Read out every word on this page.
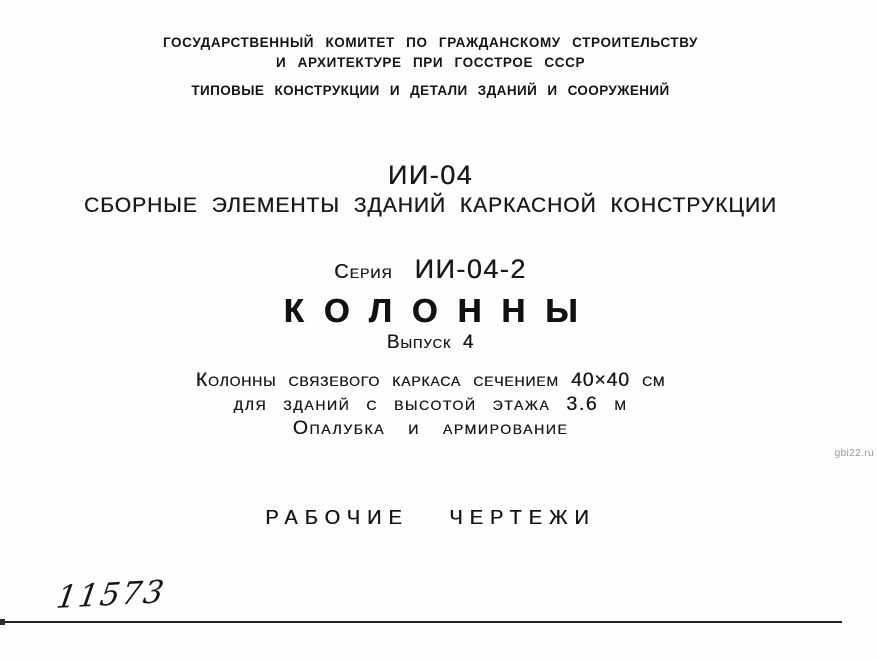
ГОСУДАРСТВЕННЫЙ КОМИТЕТ ПО ГРАЖДАНСКОМУ СТРОИТЕЛЬСТВУ
И АРХИТЕКТУРЕ ПРИ ГОССТРОЕ СССР
ТИПОВЫЕ КОНСТРУКЦИИ И ДЕТАЛИ ЗДАНИЙ И СООРУЖЕНИЙ
ИИ-04
СБОРНЫЕ ЭЛЕМЕНТЫ ЗДАНИЙ КАРКАСНОЙ КОНСТРУКЦИИ
Серия ИИ-04-2
КОЛОННЫ
Выпуск 4
Колонны связевого каркаса сечением 40×40 см
для зданий с высотой этажа 3.6 м
Опалубка и армирование
РАБОЧИЕ ЧЕРТЕЖИ
11573
gbi22.ru
